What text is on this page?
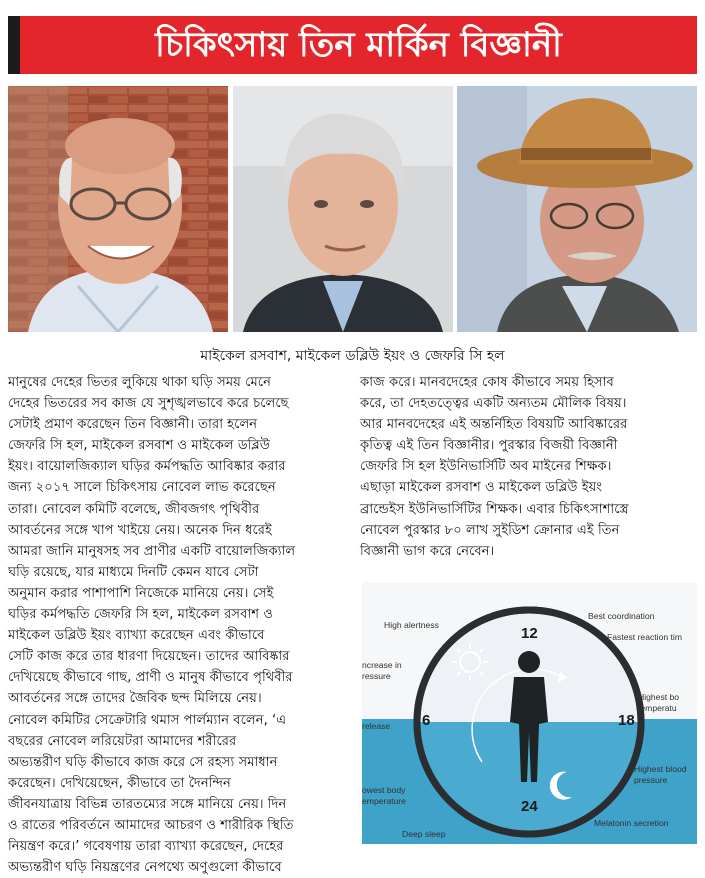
চিকিৎসায় তিন মার্কিন বিজ্ঞানী
মাইকেল রসবাশ, মাইকেল ডব্লিউ ইয়ং ও জেফরি সি হল
মানুষের দেহের ভিতর লুকিয়ে থাকা ঘড়ি সময় মেনে
দেহের ভিতরের সব কাজ যে সুশৃঙ্খলভাবে করে চলেছে
সেটাই প্রমাণ করেছেন তিন বিজ্ঞানী। তারা হলেন
জেফরি সি হল, মাইকেল রসবাশ ও মাইকেল ডব্লিউ
ইয়ং। বায়োলজিক্যাল ঘড়ির কর্মপদ্ধতি আবিষ্কার করার
জন্য ২০১৭ সালে চিকিৎসায় নোবেল লাভ করেছেন
তারা। নোবেল কমিটি বলেছে, জীবজগৎ পৃথিবীর
আবর্তনের সঙ্গে খাপ খাইয়ে নেয়। অনেক দিন ধরেই
আমরা জানি মানুষসহ সব প্রাণীর একটি বায়োলজিক্যাল
ঘড়ি রয়েছে, যার মাধ্যমে দিনটি কেমন যাবে সেটা
অনুমান করার পাশাপাশি নিজেকে মানিয়ে নেয়। সেই
ঘড়ির কর্মপদ্ধতি জেফরি সি হল, মাইকেল রসবাশ ও
মাইকেল ডব্লিউ ইয়ং ব্যাখ্যা করেছেন এবং কীভাবে
সেটি কাজ করে তার ধারণা দিয়েছেন। তাদের আবিষ্কার
দেখিয়েছে কীভাবে গাছ, প্রাণী ও মানুষ কীভাবে পৃথিবীর
আবর্তনের সঙ্গে তাদের জৈবিক ছন্দ মিলিয়ে নেয়।
নোবেল কমিটির সেক্রেটারি থমাস পার্লম্যান বলেন, ‘এ
বছরের নোবেল লরিয়েটরা আমাদের শরীরের
অভ্যন্তরীণ ঘড়ি কীভাবে কাজ করে সে রহস্য সমাধান
করেছেন। দেখিয়েছেন, কীভাবে তা দৈনন্দিন
জীবনযাত্রায় বিভিন্ন তারতম্যের সঙ্গে মানিয়ে নেয়। দিন
ও রাতের পরিবর্তনে আমাদের আচরণ ও শারীরিক স্থিতি
নিয়ন্ত্রণ করে।’ গবেষণায় তারা ব্যাখ্যা করেছেন, দেহের
অভ্যন্তরীণ ঘড়ি নিয়ন্ত্রণের নেপথ্যে অণুগুলো কীভাবে
কাজ করে। মানবদেহের কোষ কীভাবে সময় হিসাব
করে, তা দেহতত্ত্বের একটি অন্যতম মৌলিক বিষয়।
আর মানবদেহের এই অন্তর্নিহিত বিষয়টি আবিষ্কারের
কৃতিত্ব এই তিন বিজ্ঞানীর। পুরস্কার বিজয়ী বিজ্ঞানী
জেফরি সি হল ইউনিভার্সিটি অব মাইনের শিক্ষক।
এছাড়া মাইকেল রসবাশ ও মাইকেল ডব্লিউ ইয়ং
ব্রান্ডেইস ইউনিভার্সিটির শিক্ষক। এবার চিকিৎসাশাস্ত্রে
নোবেল পুরস্কার ৮০ লাখ সুইডিশ ক্রোনার এই তিন
বিজ্ঞানী ভাগ করে নেবেন।
12
6	18
24
High alertness
Best coordination
Fastest reaction tim
ncrease in
ressure
Highest bo
temperatu
release
Highest blood
pressure
owest body
emperature
Deep sleep
Melatonin secretion
